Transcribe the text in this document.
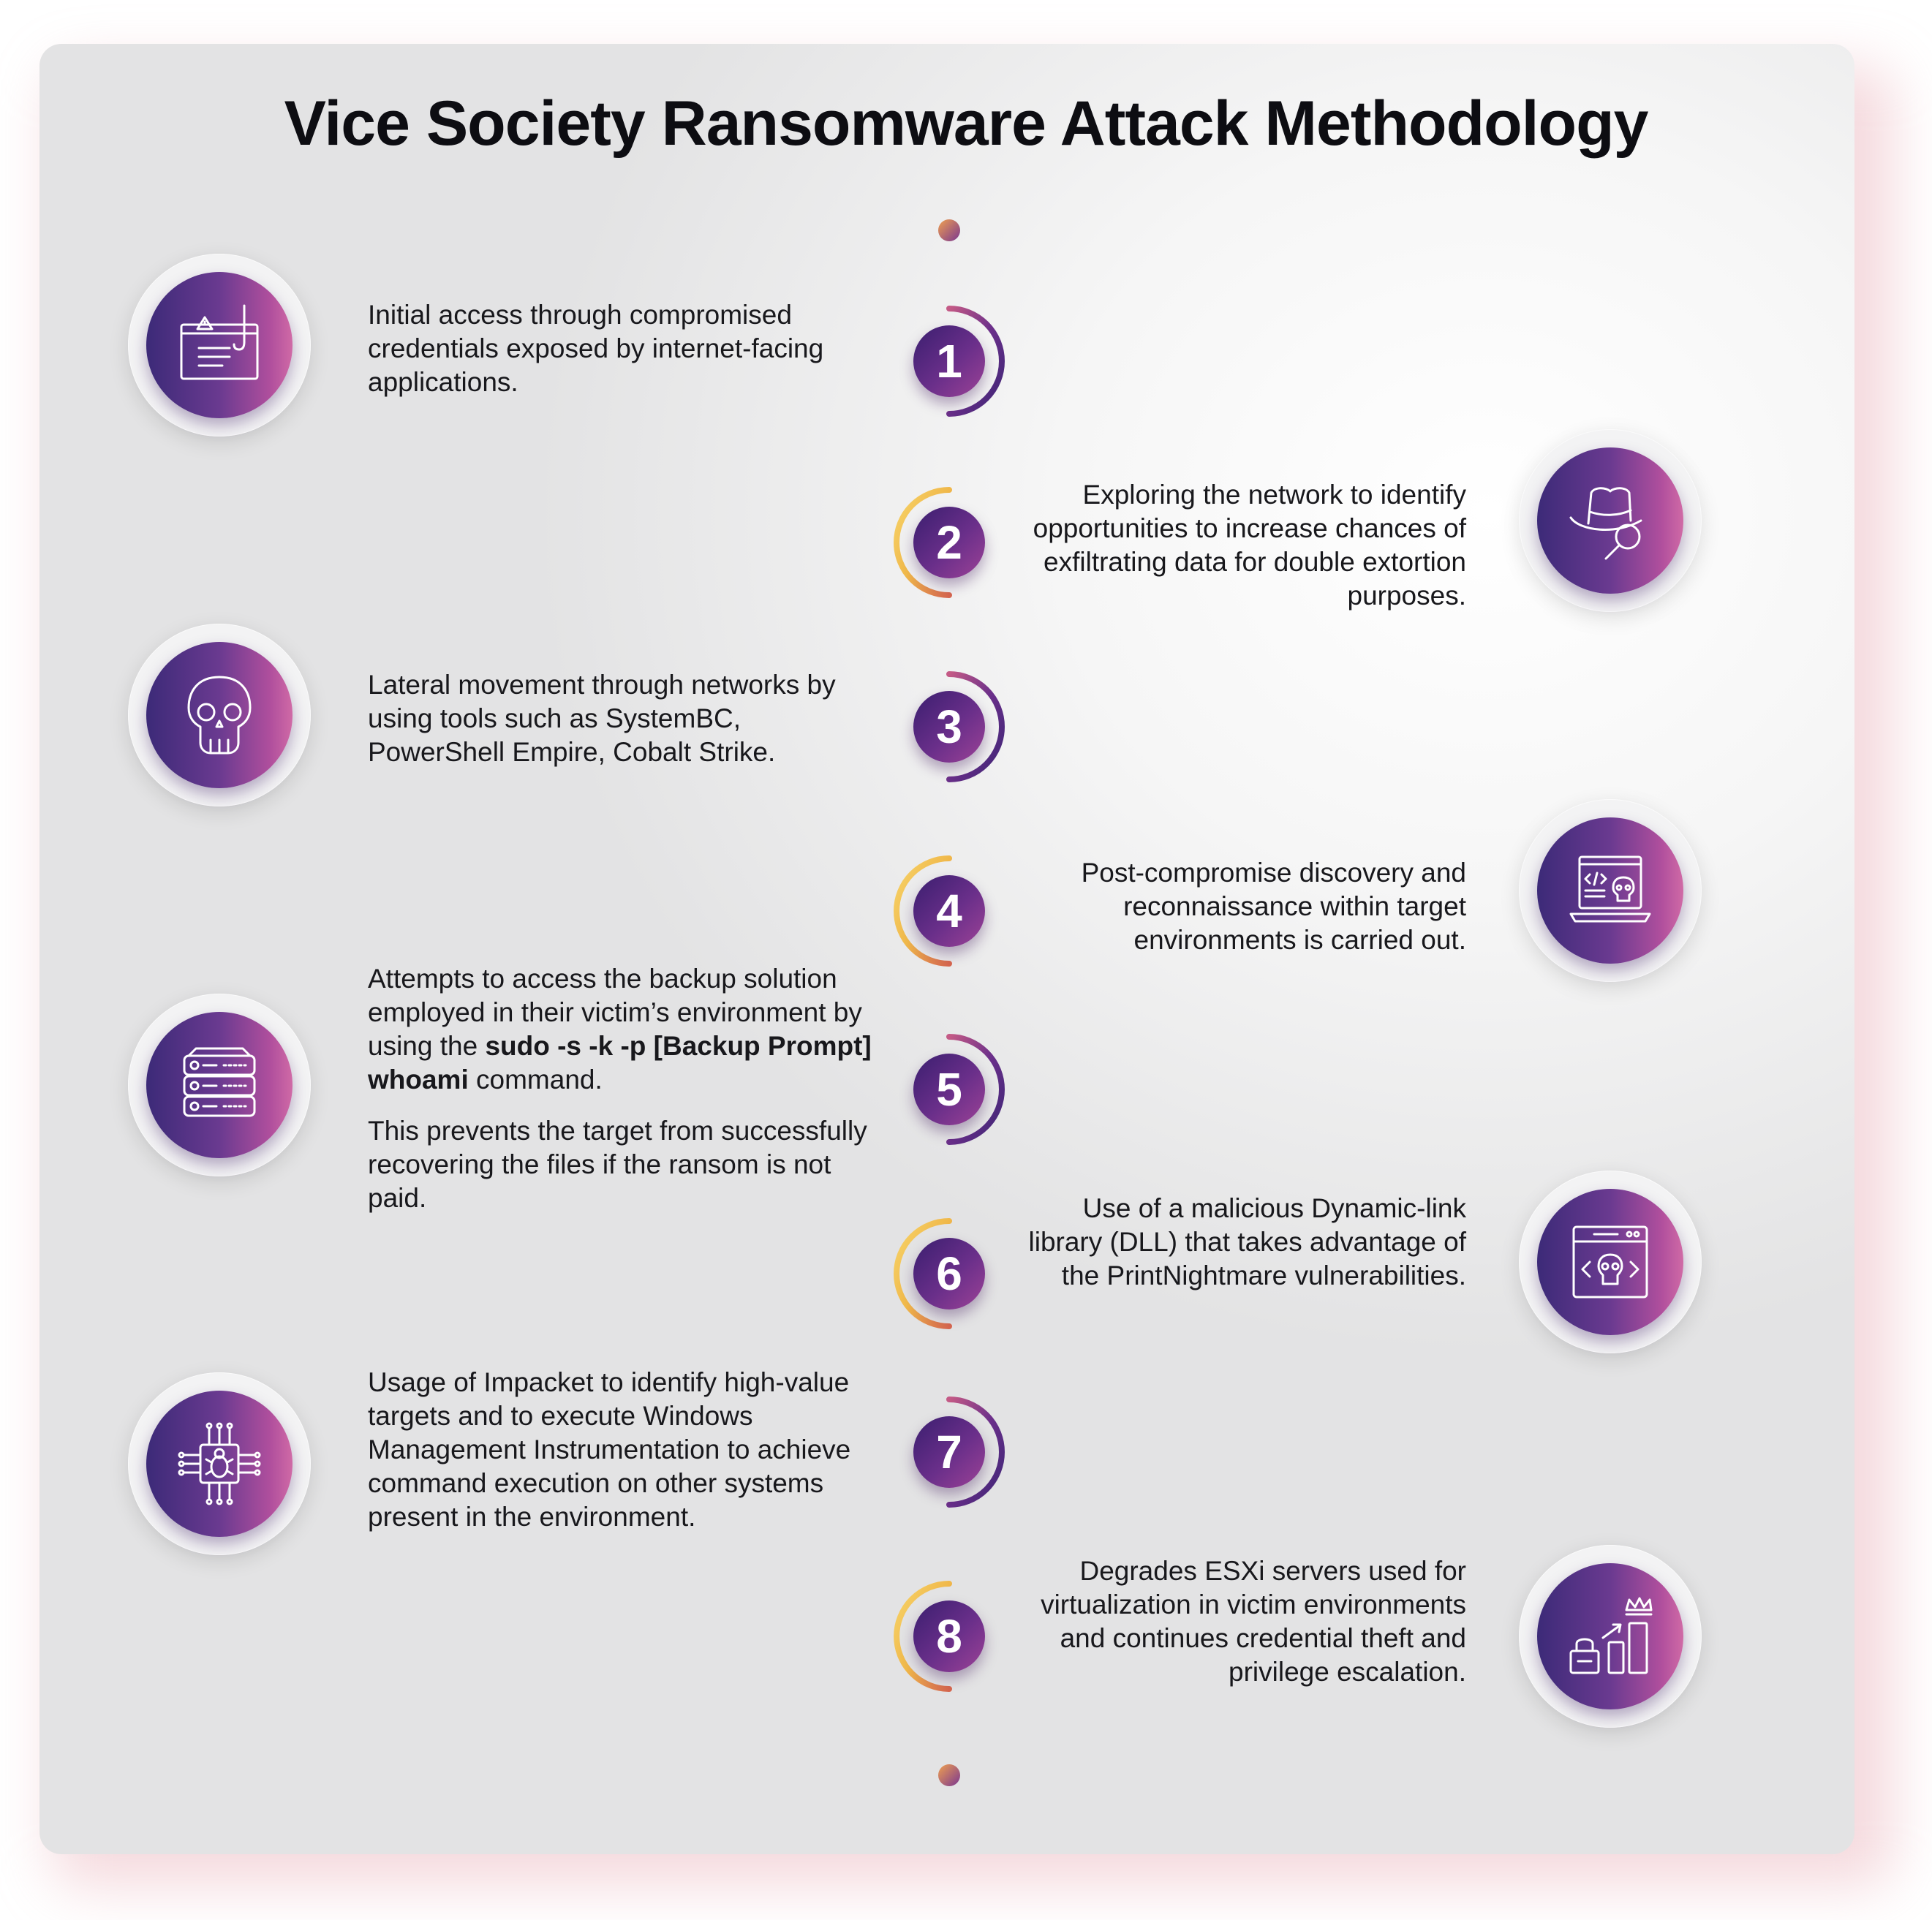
Vice Society Ransomware Attack Methodology
1
2
3
4
5
6
7
8

Initial access through compromised credentials exposed by internet-facing applications.

Exploring the network to identify opportunities to increase chances of exfiltrating data for double extortion purposes.

Lateral movement through networks by using tools such as SystemBC, PowerShell Empire, Cobalt Strike.

Post-compromise discovery and reconnaissance within target environments is carried out.

Attempts to access the backup solution employed in their victim’s environment by using the sudo -s -k -p [Backup Prompt] whoami command.

This prevents the target from successfully recovering the files if the ransom is not paid.	Use of a malicious Dynamic-link library (DLL) that takes advantage of the PrintNightmare vulnerabilities.

Usage of Impacket to identify high-value targets and to execute Windows Management Instrumentation to achieve command execution on other systems present in the environment.

Degrades ESXi servers used for virtualization in victim environments and continues credential theft and privilege escalation.
